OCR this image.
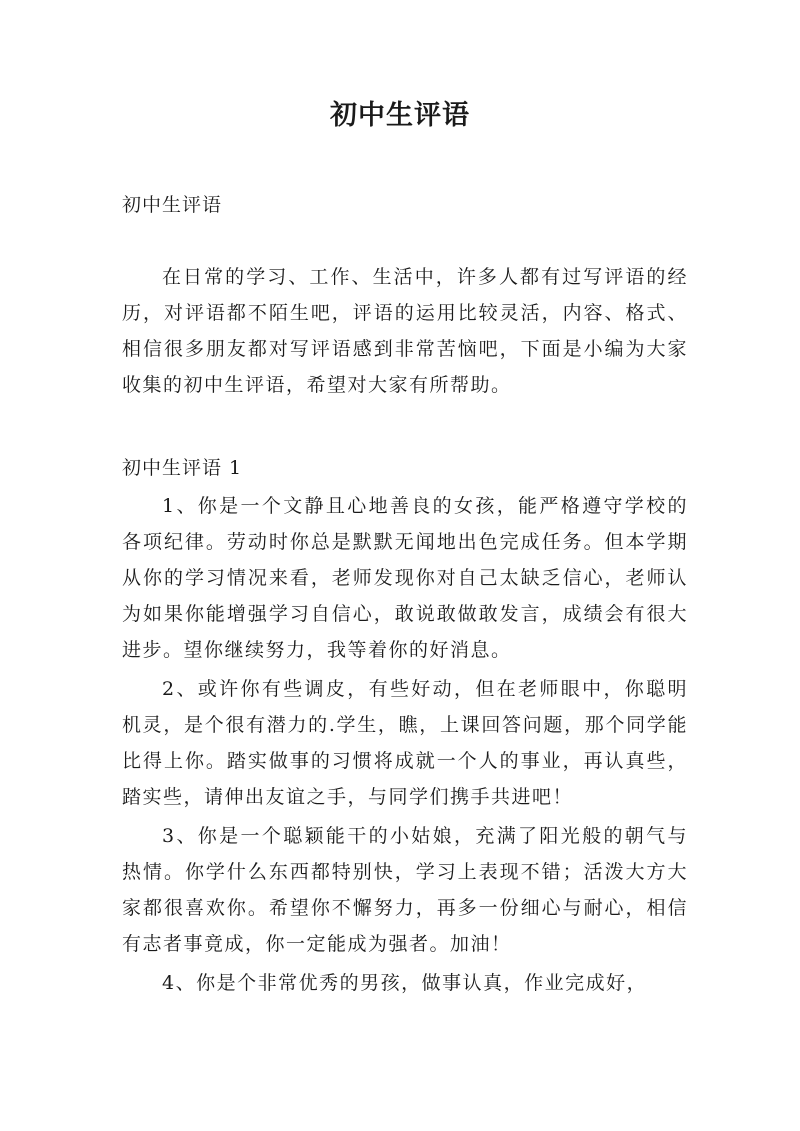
初中生评语
初中生评语

在日常的学习、工作、生活中，许多人都有过写评语的经历，对评语都不陌生吧，评语的运用比较灵活，内容、格式、相信很多朋友都对写评语感到非常苦恼吧，下面是小编为大家收集的初中生评语，希望对大家有所帮助。

初中生评语 1

1、你是一个文静且心地善良的女孩，能严格遵守学校的各项纪律。劳动时你总是默默无闻地出色完成任务。但本学期从你的学习情况来看，老师发现你对自己太缺乏信心，老师认为如果你能增强学习自信心，敢说敢做敢发言，成绩会有很大进步。望你继续努力，我等着你的好消息。

2、或许你有些调皮，有些好动，但在老师眼中，你聪明机灵，是个很有潜力的.学生，瞧，上课回答问题，那个同学能比得上你。踏实做事的习惯将成就一个人的事业，再认真些，踏实些，请伸出友谊之手，与同学们携手共进吧！

3、你是一个聪颖能干的小姑娘，充满了阳光般的朝气与热情。你学什么东西都特别快，学习上表现不错；活泼大方大家都很喜欢你。希望你不懈努力，再多一份细心与耐心，相信有志者事竟成，你一定能成为强者。加油！

4、你是个非常优秀的男孩，做事认真，作业完成好，
